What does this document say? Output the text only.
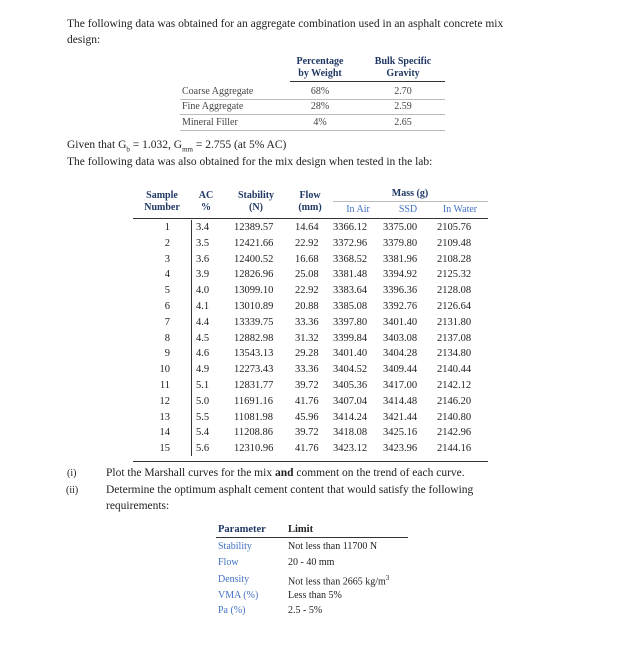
The following data was obtained for an aggregate combination used in an asphalt concrete mix
design:
Percentage
by Weight
Bulk Specific
Gravity
Coarse Aggregate	68%	2.70
Fine Aggregate	28%	2.59
Mineral Filler	4%	2.65
Given that $G_b = 1.032$, $G_{mm} = 2.755$ (at 5% AC)
The following data was also obtained for the mix design when tested in the lab:
Sample
Number
AC
%
Stability
(N)
Flow
(mm)
Mass (g)
In Air	SSD	In Water
1 3.4	12389.57	14.64	3366.12	3375.00	2105.76
2 3.5	12421.66	22.92	3372.96	3379.80	2109.48
3 3.6	12400.52	16.68	3368.52	3381.96	2108.28
4 3.9	12826.96	25.08	3381.48	3394.92	2125.32
5 4.0	13099.10	22.92	3383.64	3396.36	2128.08
6 4.1	13010.89	20.88	3385.08	3392.76	2126.64
7 4.4	13339.75	33.36	3397.80	3401.40	2131.80
8 4.5	12882.98	31.32	3399.84	3403.08	2137.08
9 4.6	13543.13	29.28	3401.40	3404.28	2134.80
10 4.9	12273.43	33.36	3404.52	3409.44	2140.44
11 5.1	12831.77	39.72	3405.36	3417.00	2142.12
12 5.0	11691.16	41.76	3407.04	3414.48	2146.20
13 5.5	11081.98	45.96	3414.24	3421.44	2140.80
14 5.4	11208.86	39.72	3418.08	3425.16	2142.96
15 5.6	12310.96	41.76	3423.12	3423.96	2144.16
(i)	Plot the Marshall curves for the mix and comment on the trend of each curve.
(ii) Determine the optimum asphalt cement content that would satisfy the following
requirements:
Parameter Limit
Stability	Not less than 11700 N
Flow	20 - 40 mm
Density	Not less than 2665 $kg/m^3$
VMA (%)	Less than 5%
Pa (%)	2.5 - 5%
